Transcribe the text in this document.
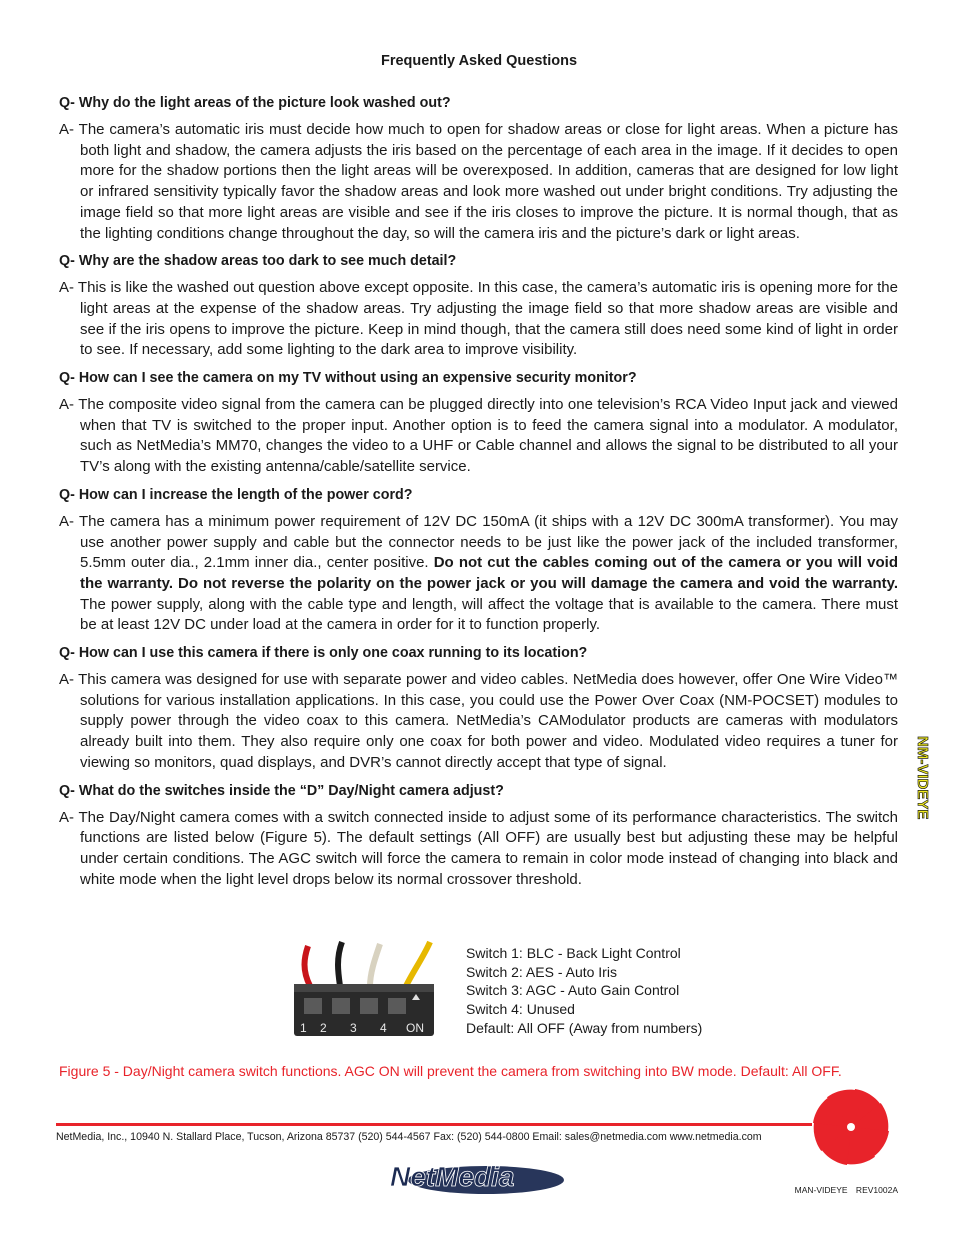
Frequently Asked Questions

Q- Why do the light areas of the picture look washed out?

A- The camera’s automatic iris must decide how much to open for shadow areas or close for light areas. When a picture has both light and shadow, the camera adjusts the iris based on the percentage of each area in the image. If it decides to open more for the shadow portions then the light areas will be overexposed. In addition, cameras that are designed for low light or infrared sensitivity typically favor the shadow areas and look more washed out under bright conditions. Try adjusting the image field so that more light areas are visible and see if the iris closes to improve the picture. It is normal though, that as the lighting conditions change throughout the day, so will the camera iris and the picture’s dark or light areas.

Q- Why are the shadow areas too dark to see much detail?

A- This is like the washed out question above except opposite. In this case, the camera’s automatic iris is opening more for the light areas at the expense of the shadow areas. Try adjusting the image field so that more shadow areas are visible and see if the iris opens to improve the picture. Keep in mind though, that the camera still does need some kind of light in order to see. If necessary, add some lighting to the dark area to improve visibility.

Q- How can I see the camera on my TV without using an expensive security monitor?

A- The composite video signal from the camera can be plugged directly into one television’s RCA Video Input jack and viewed when that TV is switched to the proper input. Another option is to feed the camera signal into a modulator. A modulator, such as NetMedia’s MM70, changes the video to a UHF or Cable channel and allows the signal to be distributed to all your TV’s along with the existing antenna/cable/satellite service.

Q- How can I increase the length of the power cord?

A- The camera has a minimum power requirement of 12V DC 150mA (it ships with a 12V DC 300mA transformer). You may use another power supply and cable but the connector needs to be just like the power jack of the included transformer, 5.5mm outer dia., 2.1mm inner dia., center positive. Do not cut the cables coming out of the camera or you will void the warranty. Do not reverse the polarity on the power jack or you will damage the camera and void the warranty. The power supply, along with the cable type and length, will affect the voltage that is available to the camera. There must be at least 12V DC under load at the camera in order for it to function properly.

Q- How can I use this camera if there is only one coax running to its location?

A- This camera was designed for use with separate power and video cables. NetMedia does however, offer One Wire Video™ solutions for various installation applications. In this case, you could use the Power Over Coax (NM-POCSET) modules to supply power through the video coax to this camera. NetMedia’s CAModulator products are cameras with modulators already built into them. They also require only one coax for both power and video. Modulated video requires a tuner for viewing so monitors, quad displays, and DVR’s cannot directly accept that type of signal.

Q- What do the switches inside the “D” Day/Night camera adjust?

A- The Day/Night camera comes with a switch connected inside to adjust some of its performance characteristics. The switch functions are listed below (Figure 5). The default settings (All OFF) are usually best but adjusting these may be helpful under certain conditions. The AGC switch will force the camera to remain in color mode instead of changing into black and white mode when the light level drops below its normal crossover threshold.

1 2 3 4 ON
Switch 1: BLC - Back Light Control
Switch 2: AES - Auto Iris
Switch 3: AGC - Auto Gain Control
Switch 4: Unused
Default: All OFF (Away from numbers)
Figure 5 - Day/Night camera switch functions. AGC ON will prevent the camera from switching into BW mode. Default: All OFF.
NM-VIDEYE
NetMedia, Inc., 10940 N. Stallard Place, Tucson, Arizona 85737 (520) 544-4567 Fax: (520) 544-0800 Email: sales@netmedia.com www.netmedia.com
NetMedia	MAN-VIDEYE REV1002A
